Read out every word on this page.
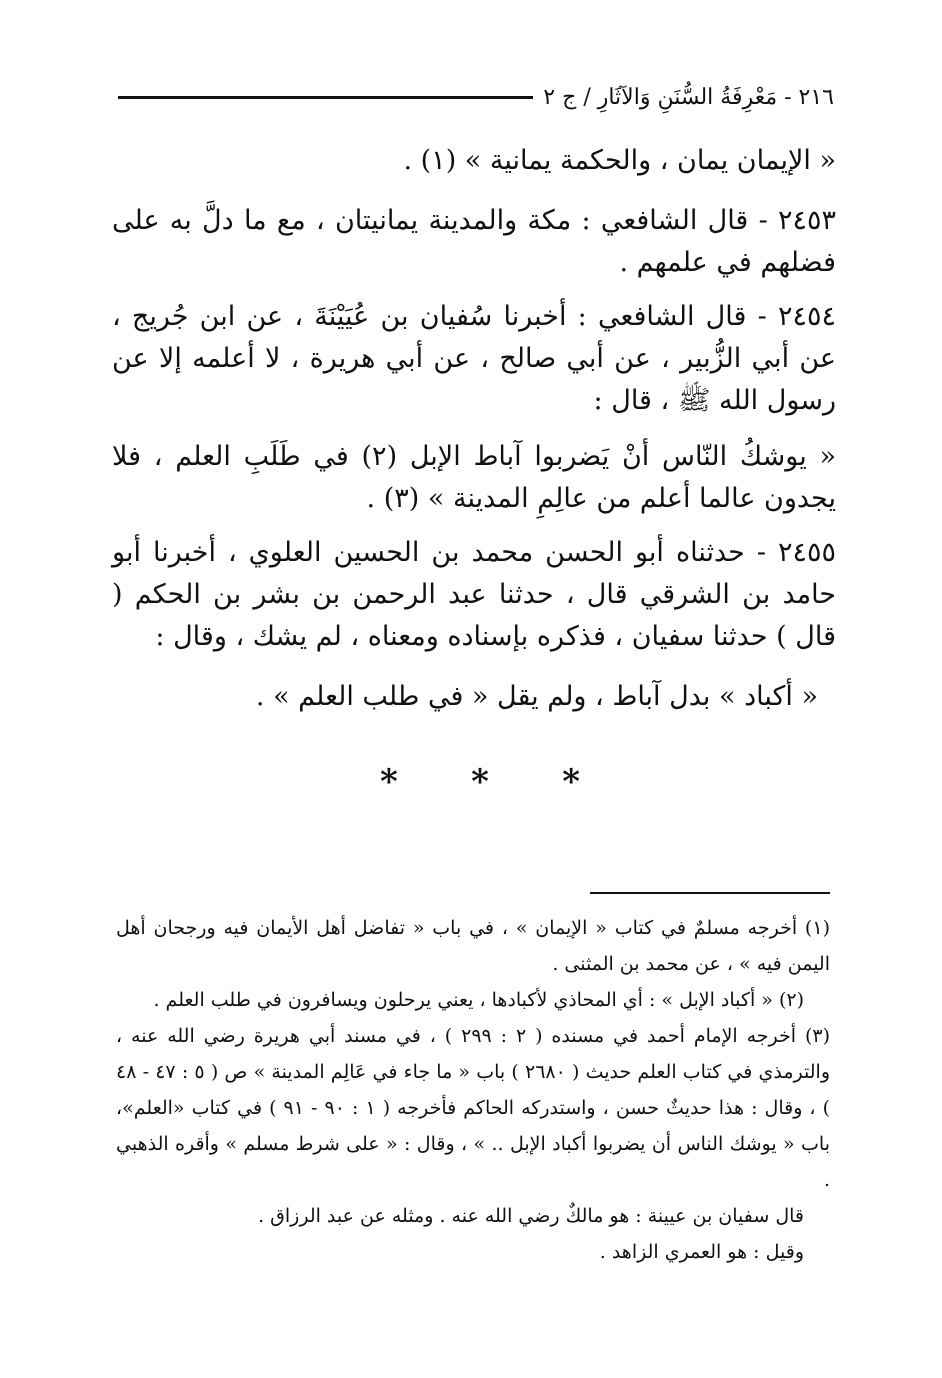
٢١٦ - مَعْرِفَةُ السُّنَنِ وَالآثَارِ / ج ٢

« الإيمان يمان ، والحكمة يمانية » (١) .

٢٤٥٣ - قال الشافعي : مكة والمدينة يمانيتان ، مع ما دلَّ به على فضلهم في علمهم .

٢٤٥٤ - قال الشافعي : أخبرنا سُفيان بن عُيَيْنَةَ ، عن ابن جُريج ، عن أبي الزُّبير ، عن أبي صالح ، عن أبي هريرة ، لا أعلمه إلا عن رسول الله ﷺ ، قال :

« يوشكُ النّاس أنْ يَضربوا آباط الإبل (٢) في طَلَبِ العلم ، فلا يجدون عالما أعلم من عالِمِ المدينة » (٣) .

٢٤٥٥ - حدثناه أبو الحسن محمد بن الحسين العلوي ، أخبرنا أبو حامد بن الشرقي قال ، حدثنا عبد الرحمن بن بشر بن الحكم ( قال ) حدثنا سفيان ، فذكره بإسناده ومعناه ، لم يشك ، وقال :

« أكباد » بدل آباط ، ولم يقل « في طلب العلم » .

* * *

(١) أخرجه مسلمٌ في كتاب « الإيمان » ، في باب « تفاضل أهل الأيمان فيه ورجحان أهل اليمن فيه » ، عن محمد بن المثنى .

(٢) « أكباد الإبل » : أي المحاذي لأكبادها ، يعني يرحلون ويسافرون في طلب العلم .

(٣) أخرجه الإمام أحمد في مسنده ( ٢ : ٢٩٩ ) ، في مسند أبي هريرة رضي الله عنه ، والترمذي في كتاب العلم حديث ( ٢٦٨٠ ) باب « ما جاء في عَالِم المدينة » ص ( ٥ : ٤٧ - ٤٨ ) ، وقال : هذا حديثٌ حسن ، واستدركه الحاكم فأخرجه ( ١ : ٩٠ - ٩١ ) في كتاب «العلم»، باب « يوشك الناس أن يضربوا أكباد الإبل .. » ، وقال : « على شرط مسلم » وأقره الذهبي .

قال سفيان بن عيينة : هو مالكٌ رضي الله عنه . ومثله عن عبد الرزاق .

وقيل : هو العمري الزاهد .
